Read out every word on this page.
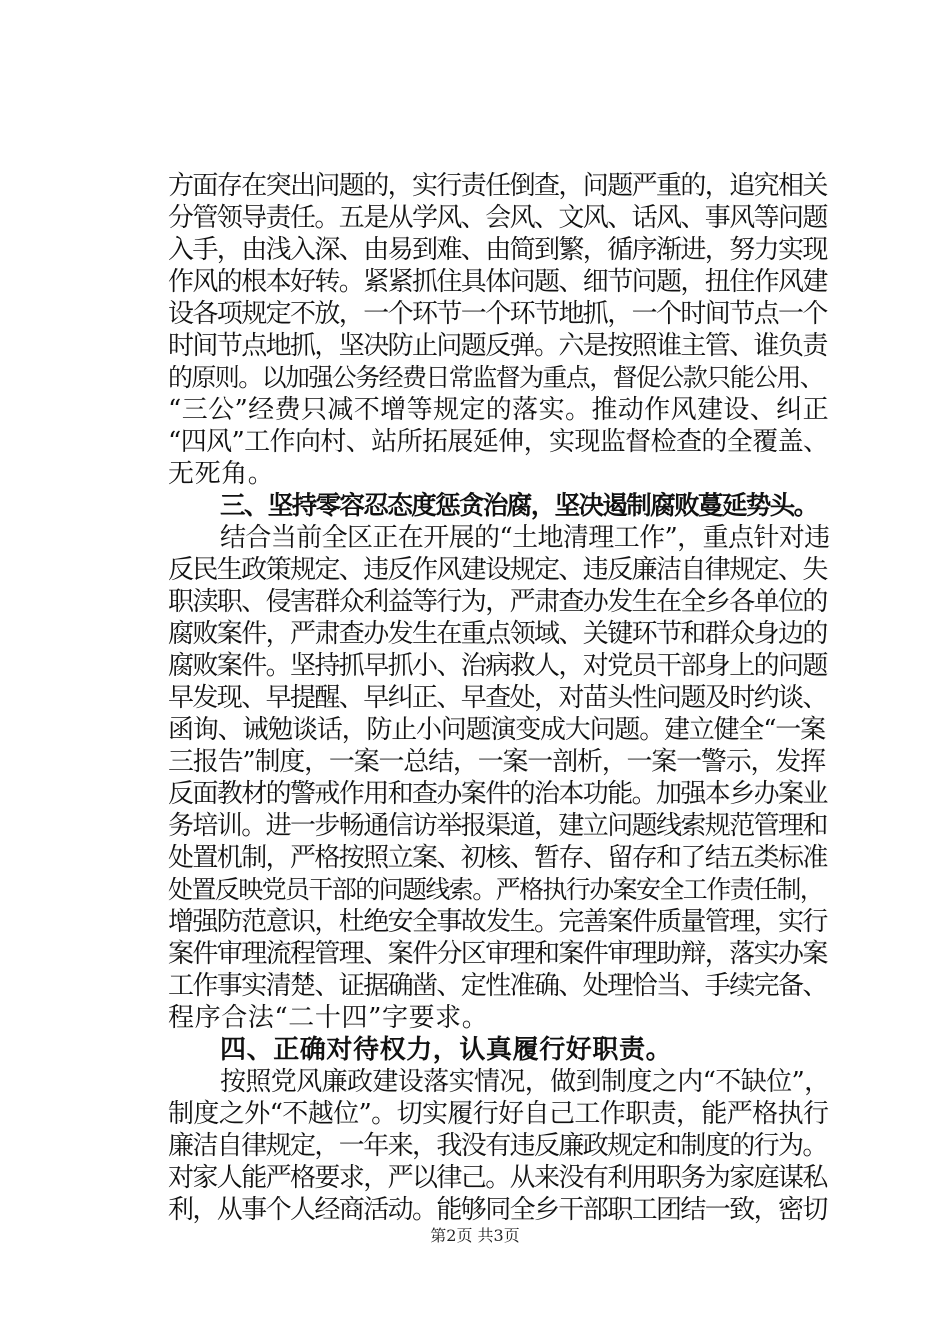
方面存在突出问题的，实行责任倒查，问题严重的，追究相关
分管领导责任。五是从学风、会风、文风、话风、事风等问题
入手，由浅入深、由易到难、由简到繁，循序渐进，努力实现
作风的根本好转。紧紧抓住具体问题、细节问题，扭住作风建
设各项规定不放，一个环节一个环节地抓，一个时间节点一个
时间节点地抓，坚决防止问题反弹。六是按照谁主管、谁负责
的原则。以加强公务经费日常监督为重点，督促公款只能公用、
“三公”经费只减不增等规定的落实。推动作风建设、纠正
“四风”工作向村、站所拓展延伸，实现监督检查的全覆盖、
无死角。
三、坚持零容忍态度惩贪治腐，坚决遏制腐败蔓延势头。
结合当前全区正在开展的“土地清理工作”，重点针对违
反民生政策规定、违反作风建设规定、违反廉洁自律规定、失
职渎职、侵害群众利益等行为，严肃查办发生在全乡各单位的
腐败案件，严肃查办发生在重点领域、关键环节和群众身边的
腐败案件。坚持抓早抓小、治病救人，对党员干部身上的问题
早发现、早提醒、早纠正、早查处，对苗头性问题及时约谈、
函询、诫勉谈话，防止小问题演变成大问题。建立健全“一案
三报告”制度，一案一总结，一案一剖析，一案一警示，发挥
反面教材的警戒作用和查办案件的治本功能。加强本乡办案业
务培训。进一步畅通信访举报渠道，建立问题线索规范管理和
处置机制，严格按照立案、初核、暂存、留存和了结五类标准
处置反映党员干部的问题线索。严格执行办案安全工作责任制，
增强防范意识，杜绝安全事故发生。完善案件质量管理，实行
案件审理流程管理、案件分区审理和案件审理助辩，落实办案
工作事实清楚、证据确凿、定性准确、处理恰当、手续完备、
程序合法“二十四”字要求。
四、正确对待权力，认真履行好职责。
按照党风廉政建设落实情况，做到制度之内“不缺位”，
制度之外“不越位”。切实履行好自己工作职责，能严格执行
廉洁自律规定，一年来，我没有违反廉政规定和制度的行为。
对家人能严格要求，严以律己。从来没有利用职务为家庭谋私
利，从事个人经商活动。能够同全乡干部职工团结一致，密切
第2页 共3页
